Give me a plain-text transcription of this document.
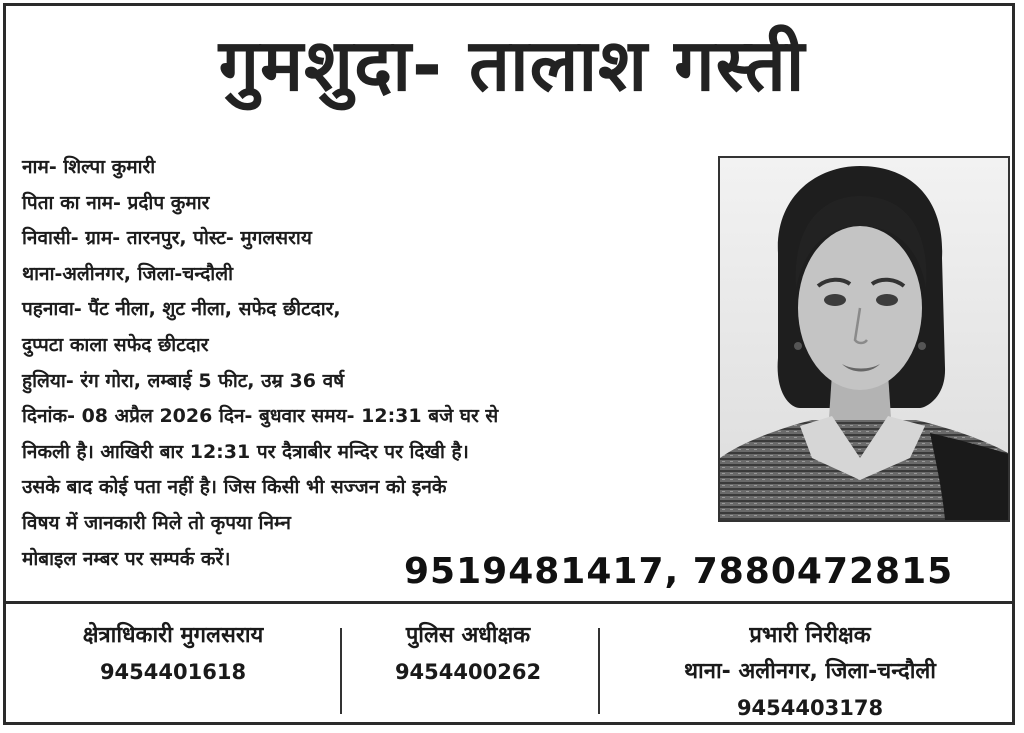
गुमशुदा- तालाश गस्ती
नाम- शिल्पा कुमारी
पिता का नाम- प्रदीप कुमार
निवासी- ग्राम- तारनपुर, पोस्ट- मुगलसराय
थाना-अलीनगर, जिला-चन्दौली
पहनावा- पैंट नीला, शुट नीला, सफेद छीटदार,
दुप्पटा काला सफेद छीटदार
हुलिया- रंग गोरा, लम्बाई 5 फीट, उम्र 36 वर्ष
दिनांक- 08 अप्रैल 2026 दिन- बुधवार समय- 12:31 बजे घर से
निकली है। आखिरी बार 12:31 पर दैत्राबीर मन्दिर पर दिखी है।
उसके बाद कोई पता नहीं है। जिस किसी भी सज्जन को इनके
विषय में जानकारी मिले तो कृपया निम्न
मोबाइल नम्बर पर सम्पर्क करें।	9519481417, 7880472815
क्षेत्राधिकारी मुगलसराय
9454401618
पुलिस अधीक्षक
9454400262
प्रभारी निरीक्षक
थाना- अलीनगर, जिला-चन्दौली
9454403178
